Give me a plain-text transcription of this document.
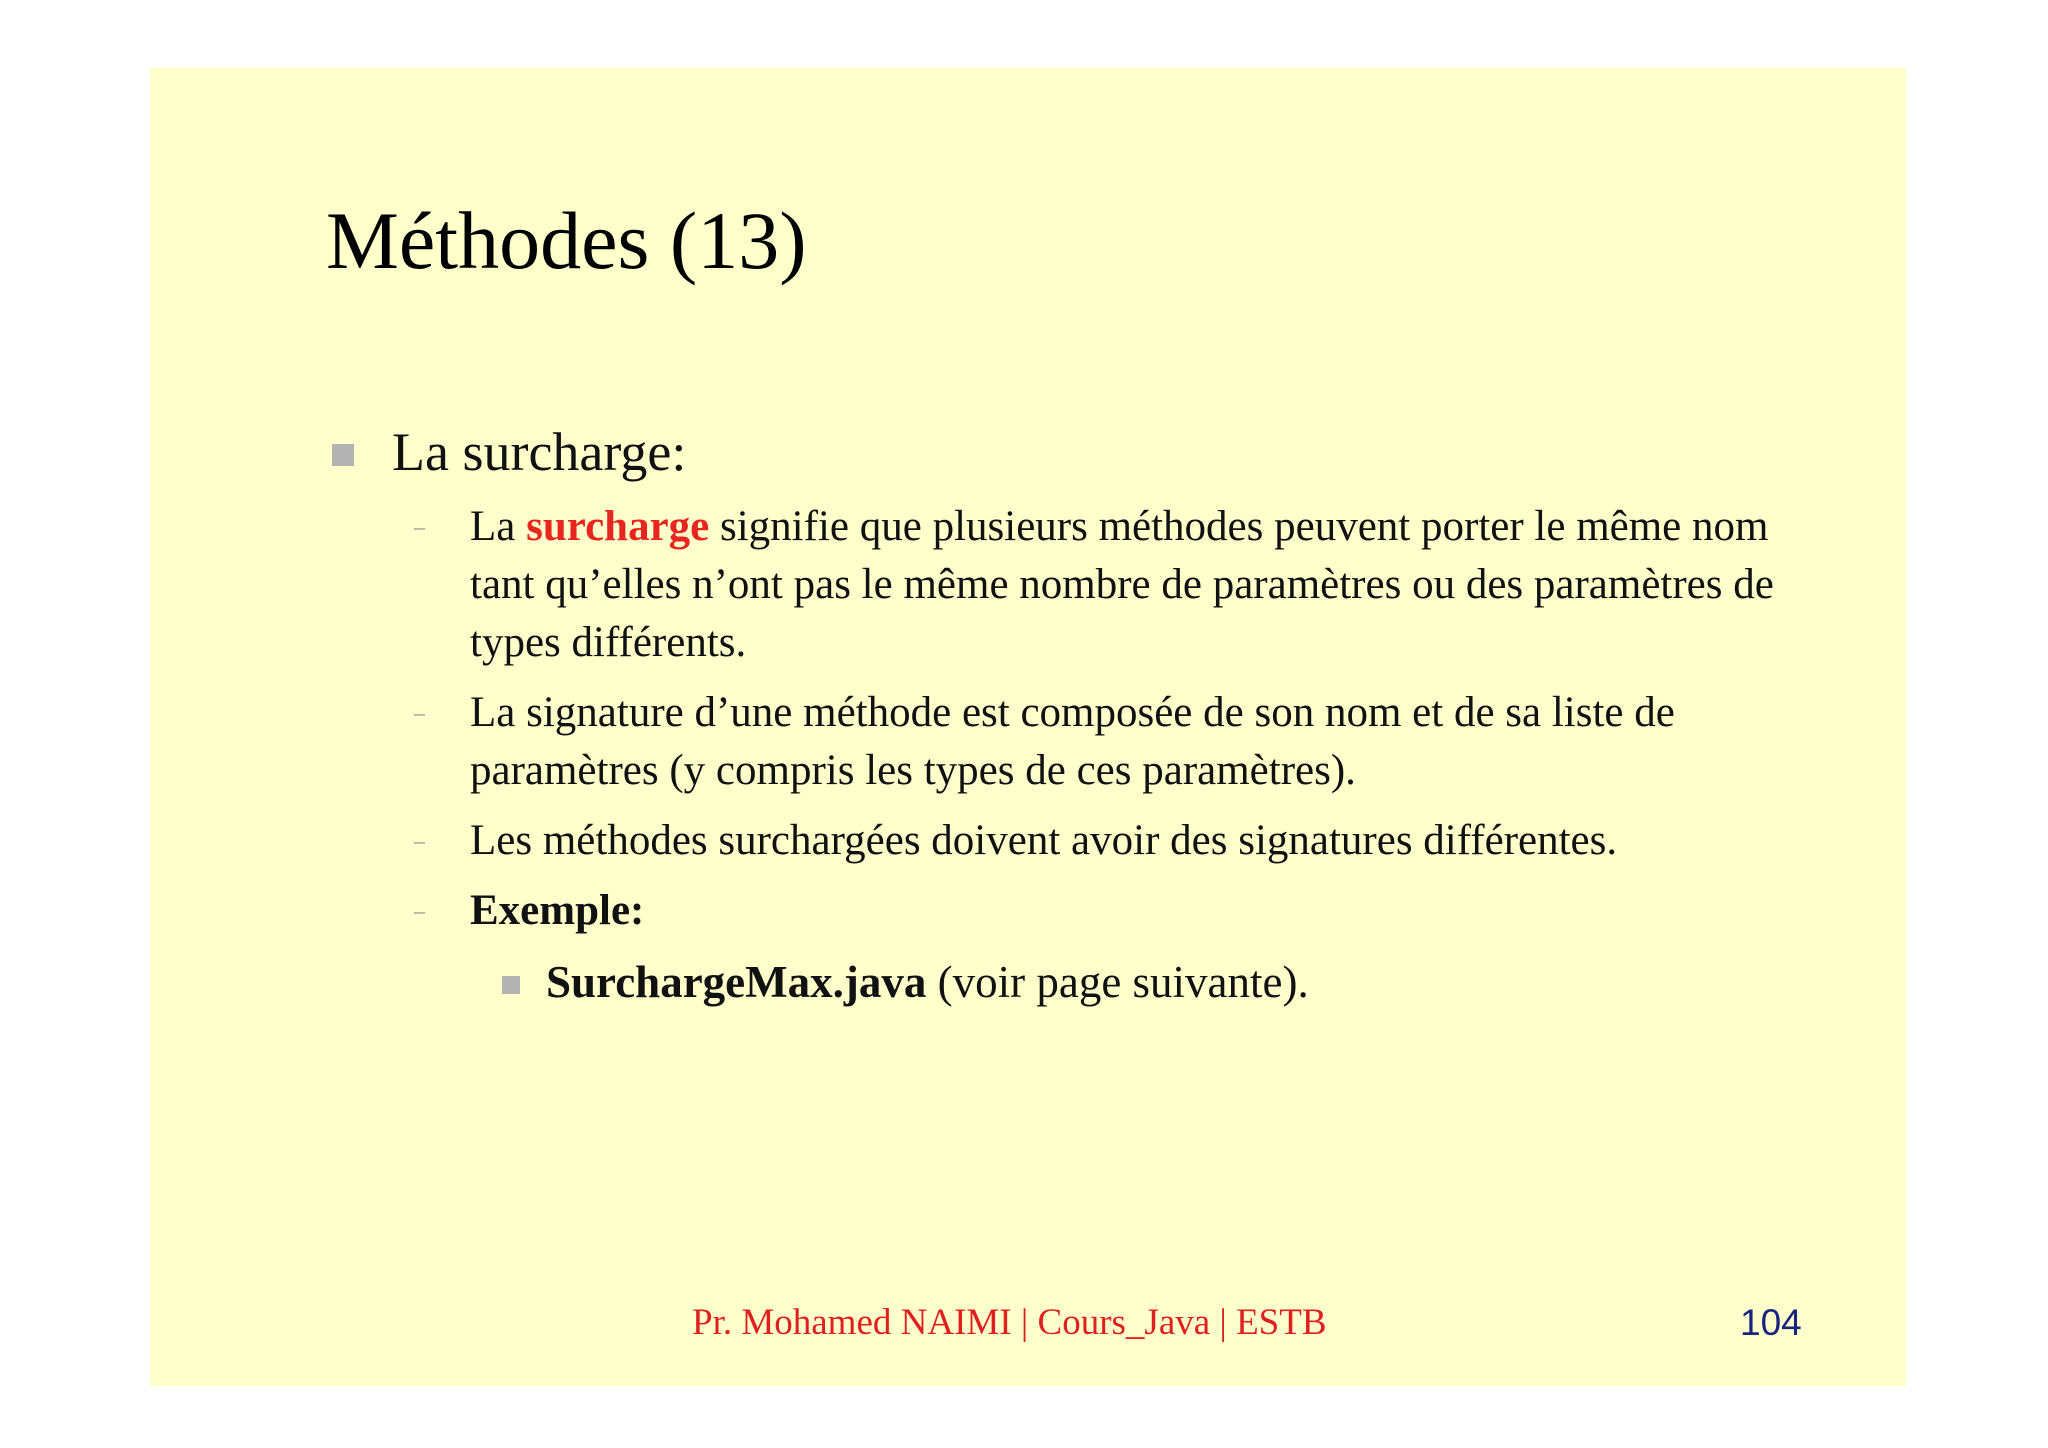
Méthodes (13)
La surcharge:
– La surcharge signifie que plusieurs méthodes peuvent porter le même nom tant qu’elles n’ont pas le même nombre de paramètres ou des paramètres de types différents.
– La signature d’une méthode est composée de son nom et de sa liste de paramètres (y compris les types de ces paramètres).
– Les méthodes surchargées doivent avoir des signatures différentes.
– Exemple:
SurchargeMax.java (voir page suivante).
Pr. Mohamed NAIMI | Cours_Java | ESTB	104
